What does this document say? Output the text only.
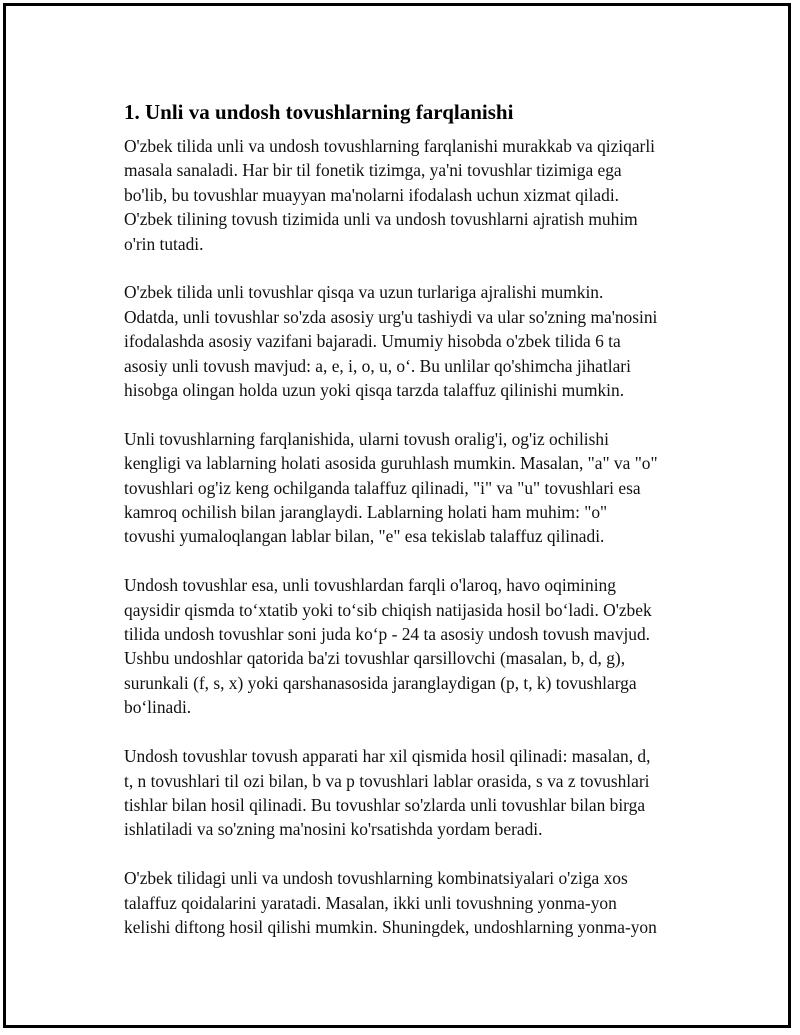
1. Unli va undosh tovushlarning farqlanishi

O'zbek tilida unli va undosh tovushlarning farqlanishi murakkab va qiziqarli
masala sanaladi. Har bir til fonetik tizimga, ya'ni tovushlar tizimiga ega
bo'lib, bu tovushlar muayyan ma'nolarni ifodalash uchun xizmat qiladi.
O'zbek tilining tovush tizimida unli va undosh tovushlarni ajratish muhim
o'rin tutadi.

O'zbek tilida unli tovushlar qisqa va uzun turlariga ajralishi mumkin.
Odatda, unli tovushlar so'zda asosiy urg'u tashiydi va ular so'zning ma'nosini
ifodalashda asosiy vazifani bajaradi. Umumiy hisobda o'zbek tilida 6 ta
asosiy unli tovush mavjud: a, e, i, o, u, o‘. Bu unlilar qo'shimcha jihatlari
hisobga olingan holda uzun yoki qisqa tarzda talaffuz qilinishi mumkin.

Unli tovushlarning farqlanishida, ularni tovush oralig'i, og'iz ochilishi
kengligi va lablarning holati asosida guruhlash mumkin. Masalan, "a" va "o"
tovushlari og'iz keng ochilganda talaffuz qilinadi, "i" va "u" tovushlari esa
kamroq ochilish bilan jaranglaydi. Lablarning holati ham muhim: "o"
tovushi yumaloqlangan lablar bilan, "e" esa tekislab talaffuz qilinadi.

Undosh tovushlar esa, unli tovushlardan farqli o'laroq, havo oqimining
qaysidir qismda to‘xtatib yoki to‘sib chiqish natijasida hosil bo‘ladi. O'zbek
tilida undosh tovushlar soni juda ko‘p - 24 ta asosiy undosh tovush mavjud.
Ushbu undoshlar qatorida ba'zi tovushlar qarsillovchi (masalan, b, d, g),
surunkali (f, s, x) yoki qarshanasosida jaranglaydigan (p, t, k) tovushlarga
bo‘linadi.

Undosh tovushlar tovush apparati har xil qismida hosil qilinadi: masalan, d,
t, n tovushlari til ozi bilan, b va p tovushlari lablar orasida, s va z tovushlari
tishlar bilan hosil qilinadi. Bu tovushlar so'zlarda unli tovushlar bilan birga
ishlatiladi va so'zning ma'nosini ko'rsatishda yordam beradi.

O'zbek tilidagi unli va undosh tovushlarning kombinatsiyalari o'ziga xos
talaffuz qoidalarini yaratadi. Masalan, ikki unli tovushning yonma-yon
kelishi diftong hosil qilishi mumkin. Shuningdek, undoshlarning yonma-yon
